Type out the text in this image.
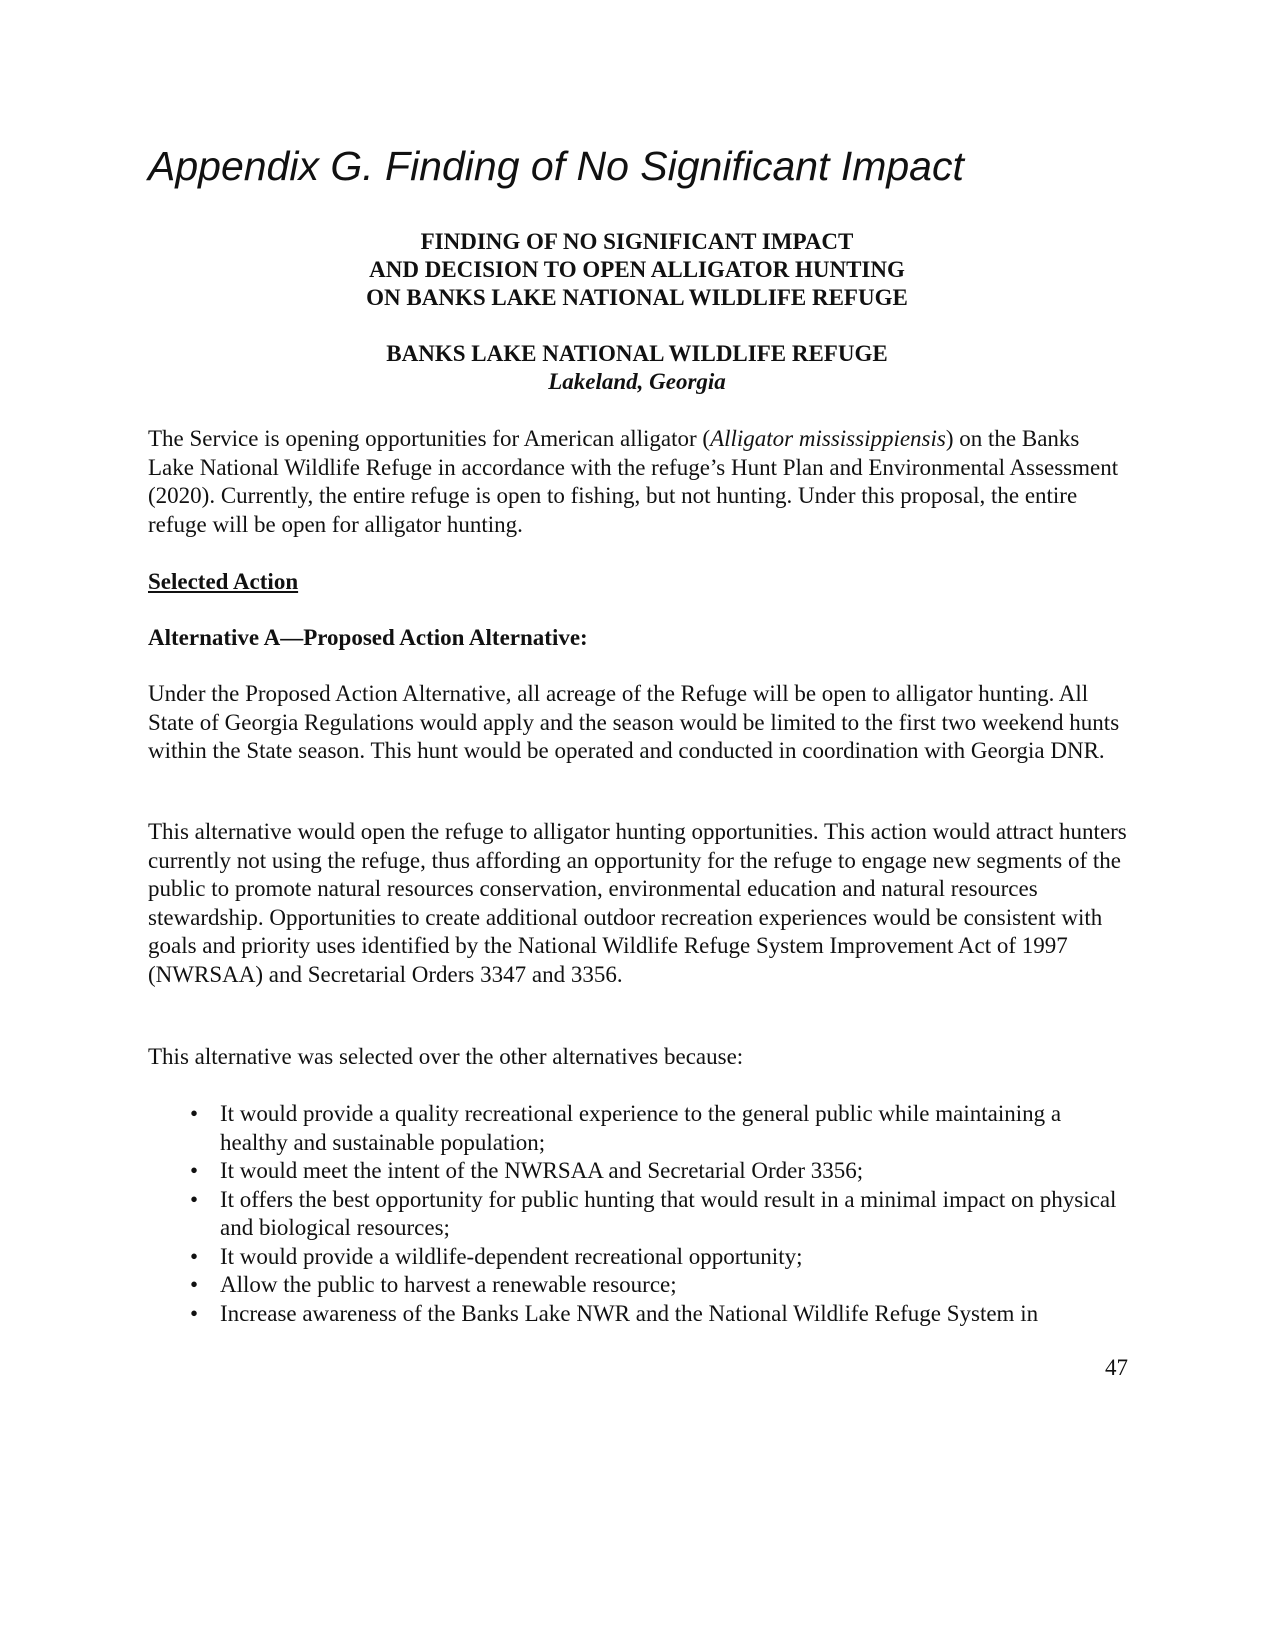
Appendix G. Finding of No Significant Impact
FINDING OF NO SIGNIFICANT IMPACT
AND DECISION TO OPEN ALLIGATOR HUNTING
ON BANKS LAKE NATIONAL WILDLIFE REFUGE
BANKS LAKE NATIONAL WILDLIFE REFUGE
Lakeland, Georgia

The Service is opening opportunities for American alligator (Alligator mississippiensis) on the Banks Lake National Wildlife Refuge in accordance with the refuge’s Hunt Plan and Environmental Assessment (2020). Currently, the entire refuge is open to fishing, but not hunting. Under this proposal, the entire refuge will be open for alligator hunting.

Selected Action

Alternative A—Proposed Action Alternative:

Under the Proposed Action Alternative, all acreage of the Refuge will be open to alligator hunting. All State of Georgia Regulations would apply and the season would be limited to the first two weekend hunts within the State season. This hunt would be operated and conducted in coordination with Georgia DNR.

This alternative would open the refuge to alligator hunting opportunities. This action would attract hunters currently not using the refuge, thus affording an opportunity for the refuge to engage new segments of the public to promote natural resources conservation, environmental education and natural resources stewardship. Opportunities to create additional outdoor recreation experiences would be consistent with goals and priority uses identified by the National Wildlife Refuge System Improvement Act of 1997 (NWRSAA) and Secretarial Orders 3347 and 3356.

This alternative was selected over the other alternatives because:

• It would provide a quality recreational experience to the general public while maintaining a healthy and sustainable population;
• It would meet the intent of the NWRSAA and Secretarial Order 3356;
• It offers the best opportunity for public hunting that would result in a minimal impact on physical and biological resources;
• It would provide a wildlife-dependent recreational opportunity;
• Allow the public to harvest a renewable resource;
• Increase awareness of the Banks Lake NWR and the National Wildlife Refuge System in
47
